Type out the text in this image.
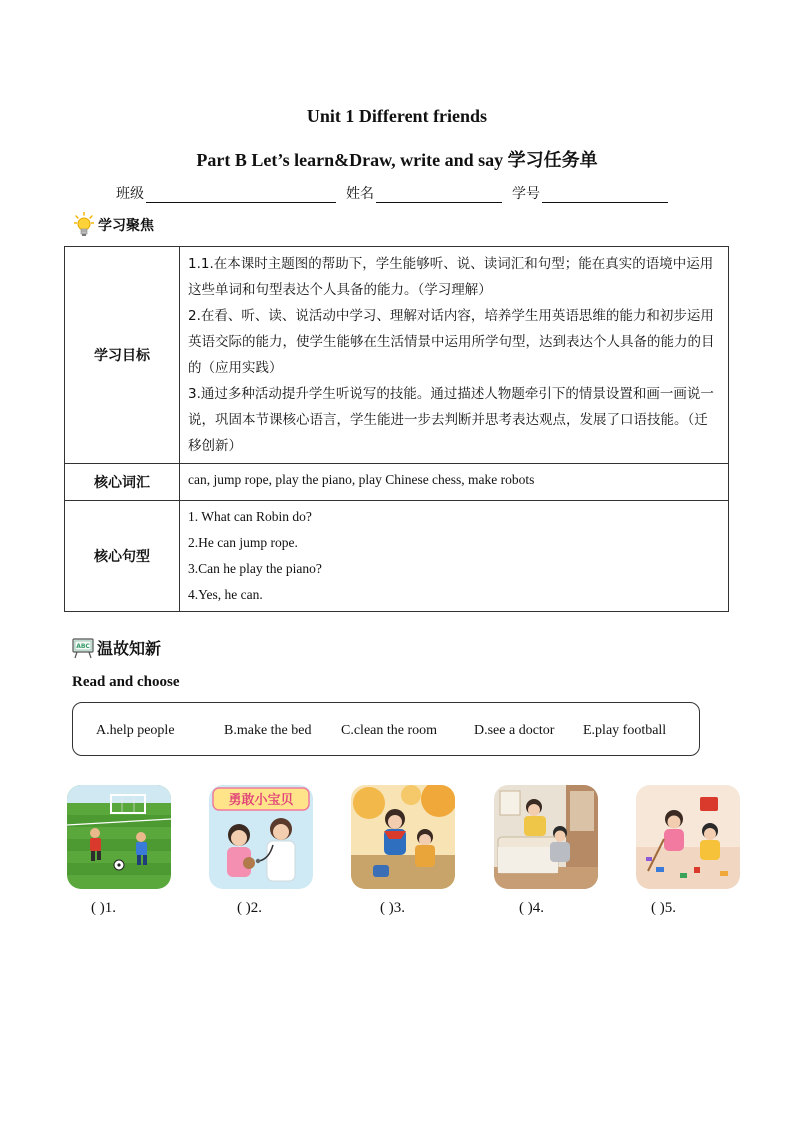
Unit 1 Different friends
Part B Let’s learn&Draw, write and say 学习任务单
班级	姓名	学号
学习聚焦
学习目标	1.1.在本课时主题图的帮助下，学生能够听、说、读词汇和句型；能在真实的语境中运用这些单词和句型表达个人具备的能力。（学习理解）
2.在看、听、读、说活动中学习、理解对话内容，培养学生用英语思维的能力和初步运用英语交际的能力，使学生能够在生活情景中运用所学句型，达到表达个人具备的能力的目的（应用实践）
3.通过多种活动提升学生听说写的技能。通过描述人物题牵引下的情景设置和画一画说一说，巩固本节课核心语言，学生能进一步去判断并思考表达观点，发展了口语技能。（迁移创新）

核心词汇	can, jump rope, play the piano, play Chinese chess, make robots
核心句型	1. What can Robin do?
2.He can jump rope.
3.Can he play the piano?
4.Yes, he can.
ABC 温故知新
Read and choose
A.help people	B.make the bed C.clean the room	D.see a doctor E.play football
勇敢小宝贝
( )1.	( )2.	( )3.	( )4.	( )5.
